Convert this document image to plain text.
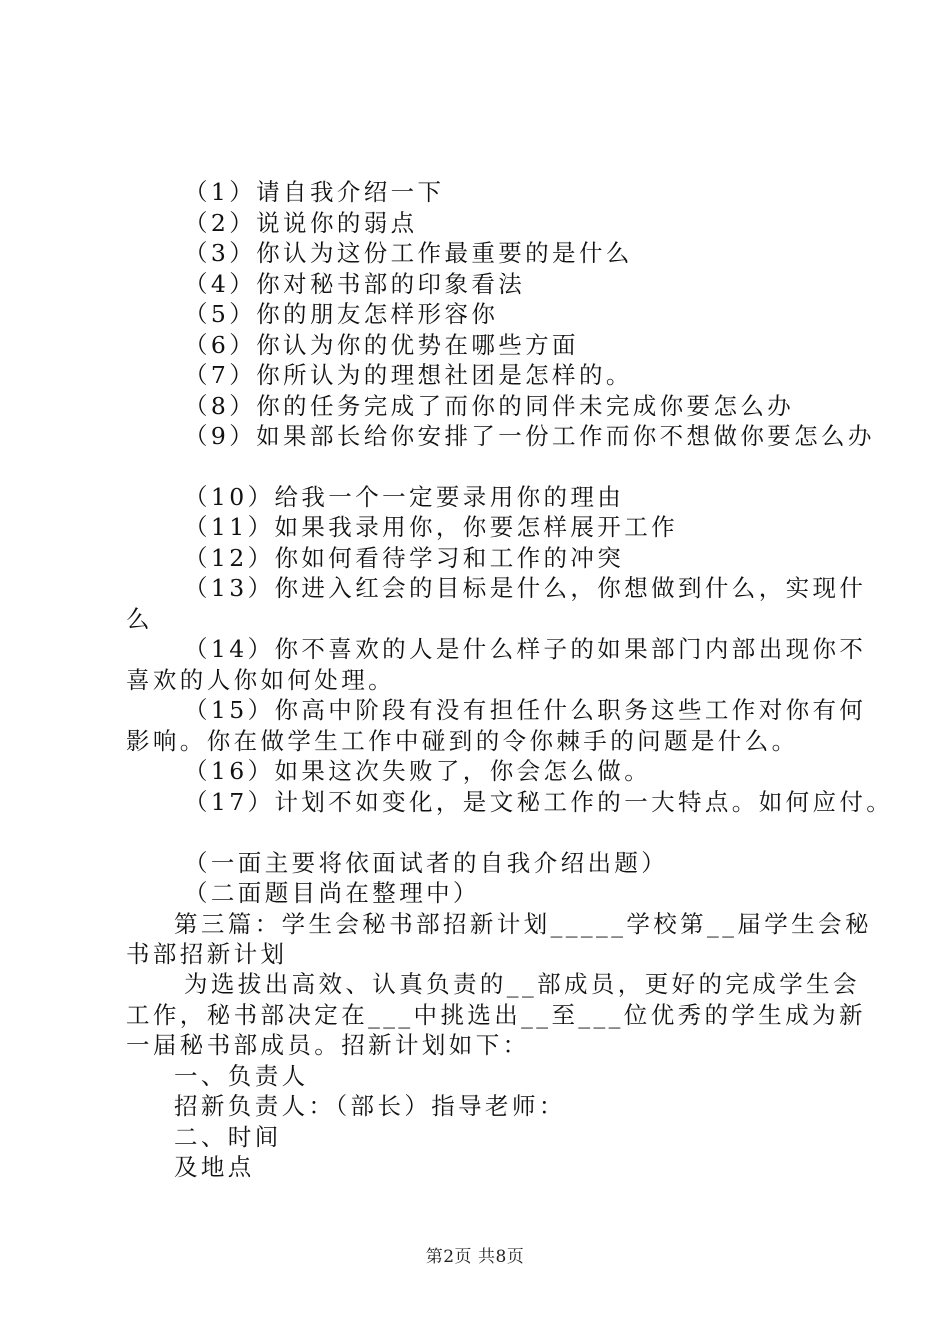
（1）请自我介绍一下
（2）说说你的弱点
（3）你认为这份工作最重要的是什么
（4）你对秘书部的印象看法
（5）你的朋友怎样形容你
（6）你认为你的优势在哪些方面
（7）你所认为的理想社团是怎样的。
（8）你的任务完成了而你的同伴未完成你要怎么办
（9）如果部长给你安排了一份工作而你不想做你要怎么办
（10）给我一个一定要录用你的理由
（11）如果我录用你，你要怎样展开工作
（12）你如何看待学习和工作的冲突
（13）你进入红会的目标是什么，你想做到什么，实现什
么
（14）你不喜欢的人是什么样子的如果部门内部出现你不
喜欢的人你如何处理。
（15）你高中阶段有没有担任什么职务这些工作对你有何
影响。你在做学生工作中碰到的令你棘手的问题是什么。
（16）如果这次失败了，你会怎么做。
（17）计划不如变化，是文秘工作的一大特点。如何应付。
（一面主要将依面试者的自我介绍出题）
（二面题目尚在整理中）
第三篇：学生会秘书部招新计划_____学校第__届学生会秘
书部招新计划
为选拔出高效、认真负责的__部成员，更好的完成学生会
工作，秘书部决定在___中挑选出__至___位优秀的学生成为新
一届秘书部成员。招新计划如下：
一、负责人
招新负责人：（部长）指导老师：
二、时间
及地点
第2页 共8页
